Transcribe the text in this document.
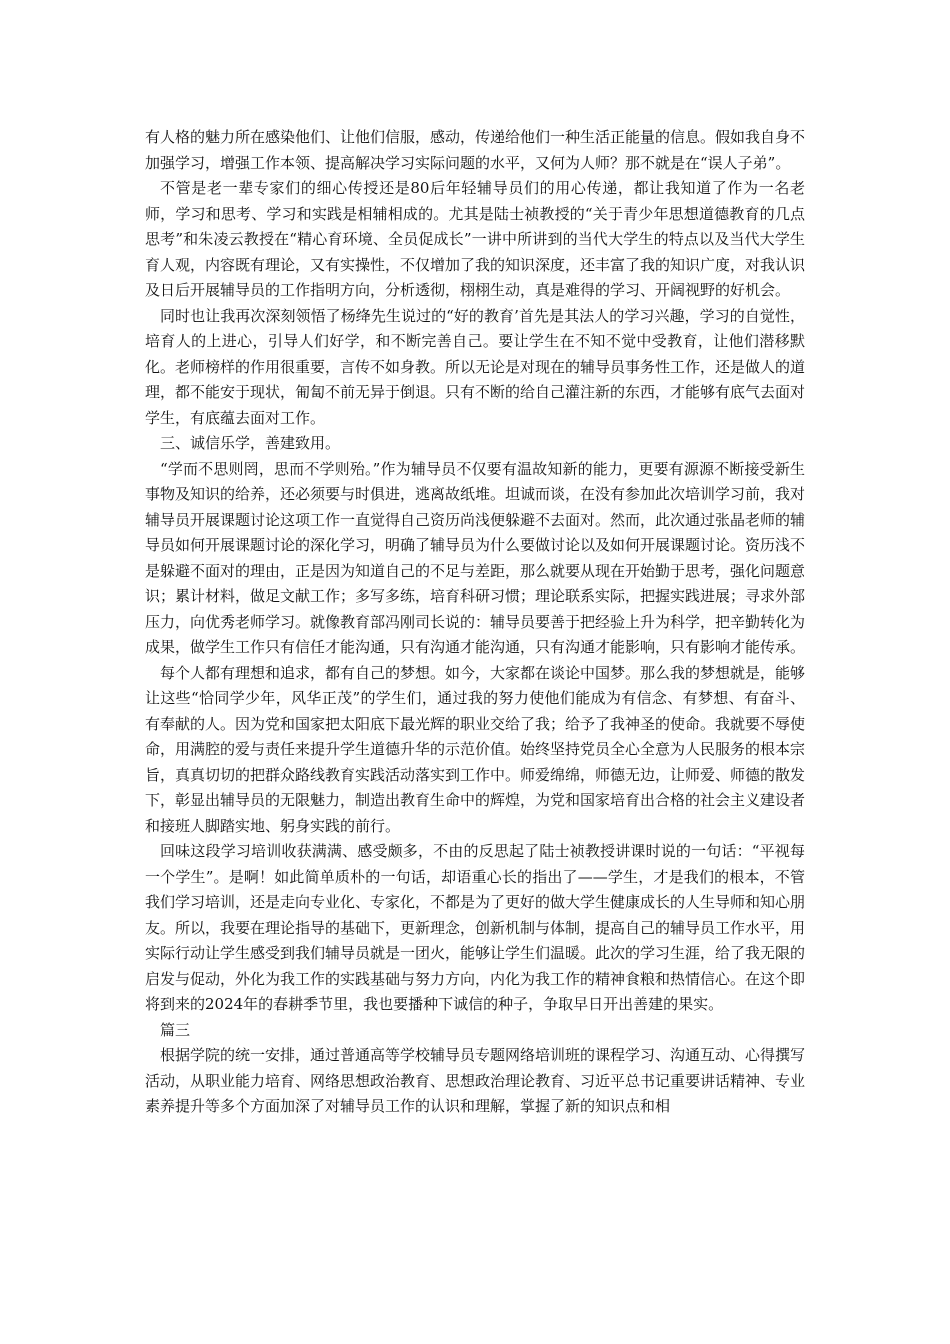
有人格的魅力所在感染他们、让他们信服，感动，传递给他们一种生活正能量的信息。假如我自身不加强学习，增强工作本领、提高解决学习实际问题的水平，又何为人师？那不就是在“误人子弟”。

不管是老一辈专家们的细心传授还是80后年轻辅导员们的用心传递，都让我知道了作为一名老师，学习和思考、学习和实践是相辅相成的。尤其是陆士祯教授的“关于青少年思想道德教育的几点思考”和朱凌云教授在“精心育环境、全员促成长”一讲中所讲到的当代大学生的特点以及当代大学生育人观，内容既有理论，又有实操性，不仅增加了我的知识深度，还丰富了我的知识广度，对我认识及日后开展辅导员的工作指明方向，分析透彻，栩栩生动，真是难得的学习、开阔视野的好机会。

同时也让我再次深刻领悟了杨绛先生说过的“好的教育’首先是其法人的学习兴趣，学习的自觉性，培育人的上进心，引导人们好学，和不断完善自己。要让学生在不知不觉中受教育，让他们潜移默化。老师榜样的作用很重要，言传不如身教。所以无论是对现在的辅导员事务性工作，还是做人的道理，都不能安于现状，匍匐不前无异于倒退。只有不断的给自己灌注新的东西，才能够有底气去面对学生，有底蕴去面对工作。

三、诚信乐学，善建致用。

“学而不思则罔，思而不学则殆。”作为辅导员不仅要有温故知新的能力，更要有源源不断接受新生事物及知识的给养，还必须要与时俱进，逃离故纸堆。坦诚而谈，在没有参加此次培训学习前，我对辅导员开展课题讨论这项工作一直觉得自己资历尚浅便躲避不去面对。然而，此次通过张晶老师的辅导员如何开展课题讨论的深化学习，明确了辅导员为什么要做讨论以及如何开展课题讨论。资历浅不是躲避不面对的理由，正是因为知道自己的不足与差距，那么就要从现在开始勤于思考，强化问题意识；累计材料，做足文献工作；多写多练，培育科研习惯；理论联系实际，把握实践进展；寻求外部压力，向优秀老师学习。就像教育部冯刚司长说的：辅导员要善于把经验上升为科学，把辛勤转化为成果，做学生工作只有信任才能沟通，只有沟通才能沟通，只有沟通才能影响，只有影响才能传承。

每个人都有理想和追求，都有自己的梦想。如今，大家都在谈论中国梦。那么我的梦想就是，能够让这些“恰同学少年，风华正茂”的学生们，通过我的努力使他们能成为有信念、有梦想、有奋斗、有奉献的人。因为党和国家把太阳底下最光辉的职业交给了我；给予了我神圣的使命。我就要不辱使命，用满腔的爱与责任来提升学生道德升华的示范价值。始终坚持党员全心全意为人民服务的根本宗旨，真真切切的把群众路线教育实践活动落实到工作中。师爱绵绵，师德无边，让师爱、师德的散发下，彰显出辅导员的无限魅力，制造出教育生命中的辉煌，为党和国家培育出合格的社会主义建设者和接班人脚踏实地、躬身实践的前行。

回味这段学习培训收获满满、感受颇多，不由的反思起了陆士祯教授讲课时说的一句话：“平视每一个学生”。是啊！如此简单质朴的一句话，却语重心长的指出了——学生，才是我们的根本，不管我们学习培训，还是走向专业化、专家化，不都是为了更好的做大学生健康成长的人生导师和知心朋友。所以，我要在理论指导的基础下，更新理念，创新机制与体制，提高自己的辅导员工作水平，用实际行动让学生感受到我们辅导员就是一团火，能够让学生们温暖。此次的学习生涯，给了我无限的启发与促动，外化为我工作的实践基础与努力方向，内化为我工作的精神食粮和热情信心。在这个即将到来的2024年的春耕季节里，我也要播种下诚信的种子，争取早日开出善建的果实。

篇三

根据学院的统一安排，通过普通高等学校辅导员专题网络培训班的课程学习、沟通互动、心得撰写活动，从职业能力培育、网络思想政治教育、思想政治理论教育、习近平总书记重要讲话精神、专业素养提升等多个方面加深了对辅导员工作的认识和理解，掌握了新的知识点和相
